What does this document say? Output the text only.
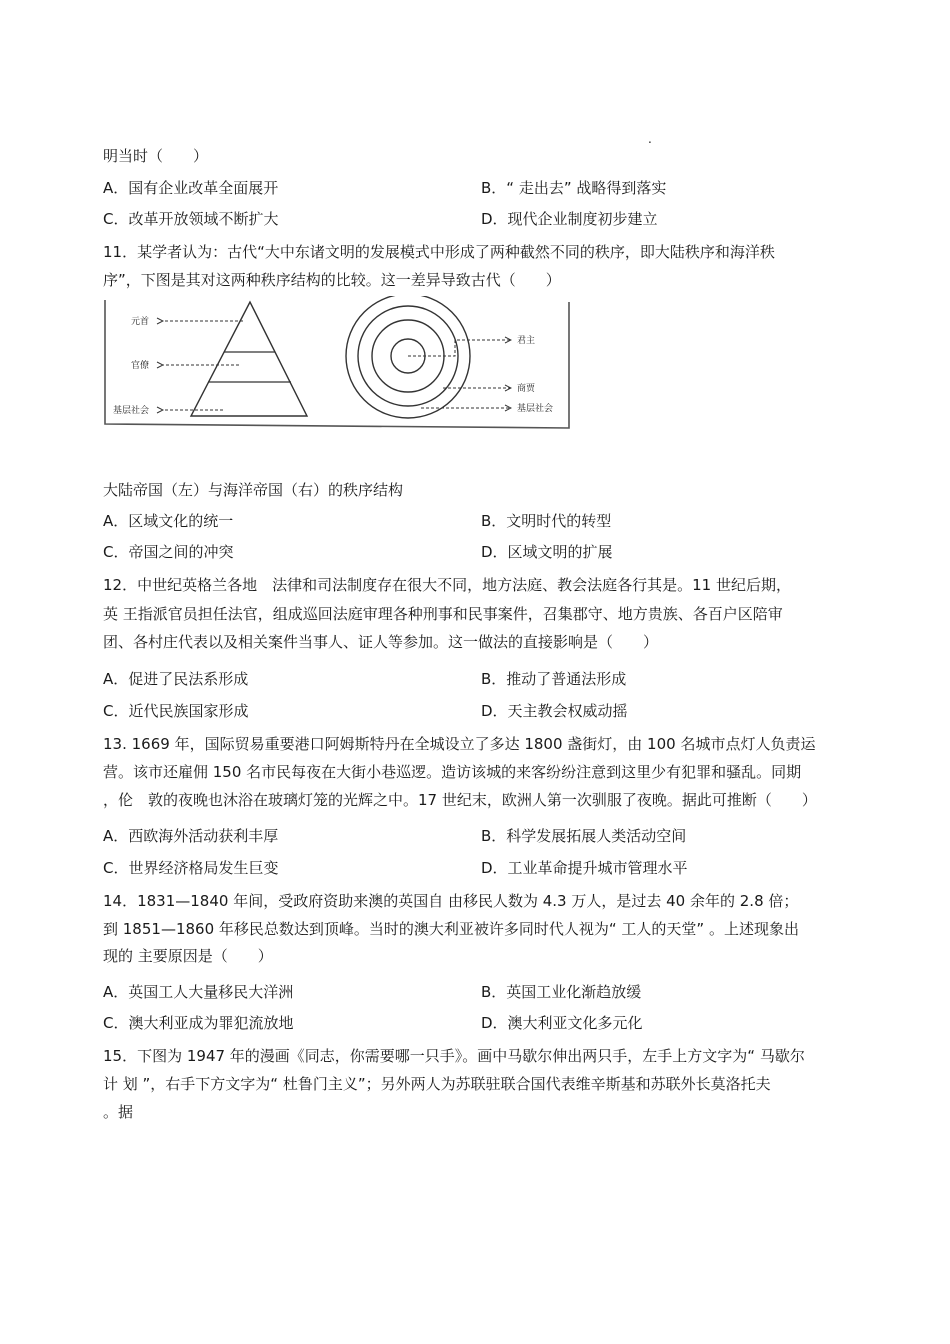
.
明当时（　　）
A．国有企业改革全面展开	B．“ 走出去” 战略得到落实
C．改革开放领域不断扩大	D．现代企业制度初步建立
11．某学者认为：古代“大中东诸文明的发展模式中形成了两种截然不同的秩序，即大陆秩序和海洋秩
序”，下图是其对这两种秩序结构的比较。这一差异导致古代（　　）
元首
官僚
基层社会
君主
商贾
基层社会
大陆帝国（左）与海洋帝国（右）的秩序结构
A．区域文化的统一	B．文明时代的转型
C．帝国之间的冲突	D．区域文明的扩展
12．中世纪英格兰各地　法律和司法制度存在很大不同，地方法庭、教会法庭各行其是。11 世纪后期，
英 王指派官员担任法官，组成巡回法庭审理各种刑事和民事案件，召集郡守、地方贵族、各百户区陪审
团、各村庄代表以及相关案件当事人、证人等参加。这一做法的直接影响是（　　）
A．促进了民法系形成	B．推动了普通法形成
C．近代民族国家形成	D．天主教会权威动摇
13. 1669 年，国际贸易重要港口阿姆斯特丹在全城设立了多达 1800 盏街灯，由 100 名城市点灯人负责运
营。该市还雇佣 150 名市民每夜在大街小巷巡逻。造访该城的来客纷纷注意到这里少有犯罪和骚乱。同期
，伦　敦的夜晚也沐浴在玻璃灯笼的光辉之中。17 世纪末，欧洲人第一次驯服了夜晚。据此可推断（　　）
A．西欧海外活动获利丰厚	B．科学发展拓展人类活动空间
C．世界经济格局发生巨变	D．工业革命提升城市管理水平
14．1831—1840 年间，受政府资助来澳的英国自 由移民人数为 4.3 万人，是过去 40 余年的 2.8 倍；
到 1851—1860 年移民总数达到顶峰。当时的澳大利亚被许多同时代人视为“ 工人的天堂” 。上述现象出
现的 主要原因是（　　）
A．英国工人大量移民大洋洲	B．英国工业化渐趋放缓
C．澳大利亚成为罪犯流放地	D．澳大利亚文化多元化
15．下图为 1947 年的漫画《同志，你需要哪一只手》。画中马歇尔伸出两只手，左手上方文字为“ 马歇尔
计 划 ”，右手下方文字为“ 杜鲁门主义”；另外两人为苏联驻联合国代表维辛斯基和苏联外长莫洛托夫
。据
